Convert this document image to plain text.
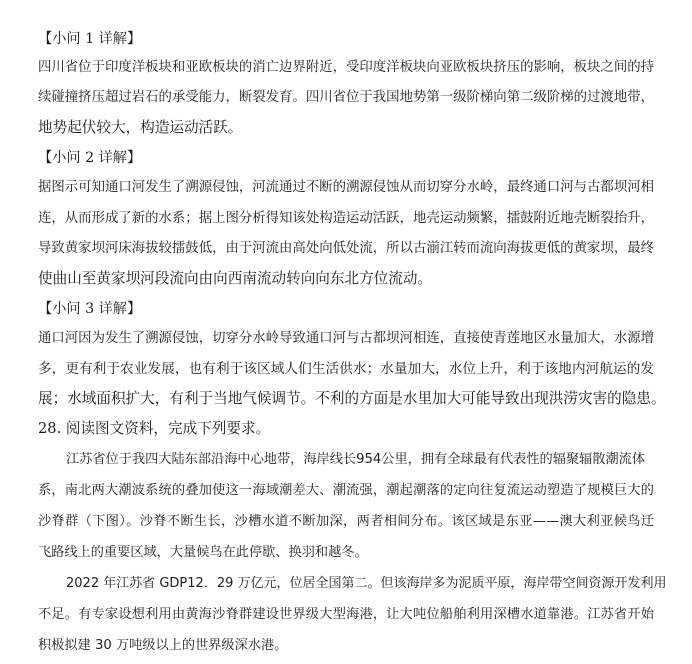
【小问 1 详解】
四川省位于印度洋板块和亚欧板块的消亡边界附近，受印度洋板块向亚欧板块挤压的影响，板块之间的持
续碰撞挤压超过岩石的承受能力，断裂发育。四川省位于我国地势第一级阶梯向第二级阶梯的过渡地带，
地势起伏较大，构造运动活跃。
【小问 2 详解】
据图示可知通口河发生了溯源侵蚀，河流通过不断的溯源侵蚀从而切穿分水岭，最终通口河与古都坝河相
连，从而形成了新的水系；据上图分析得知该处构造运动活跃，地壳运动频繁，擂鼓附近地壳断裂抬升，
导致黄家坝河床海拔较擂鼓低，由于河流由高处向低处流，所以古湔江转而流向海拔更低的黄家坝，最终
使曲山至黄家坝河段流向由向西南流动转向向东北方位流动。
【小问 3 详解】
通口河因为发生了溯源侵蚀，切穿分水岭导致通口河与古都坝河相连，直接使青莲地区水量加大，水源增
多，更有利于农业发展，也有利于该区域人们生活供水；水量加大，水位上升，利于该地内河航运的发
展；水域面积扩大，有利于当地气候调节。不利的方面是水里加大可能导致出现洪涝灾害的隐患。
28. 阅读图文资料，完成下列要求。
江苏省位于我四大陆东部沿海中心地带，海岸线长954公里，拥有全球最有代表性的辐聚辐散潮流体
系，南北两大潮波系统的叠加使这一海域潮差大、潮流强，潮起潮落的定向往复流运动塑造了规模巨大的
沙脊群（下图）。沙脊不断生长，沙槽水道不断加深，两者相间分布。该区域是东亚——澳大利亚候鸟迁
飞路线上的重要区域，大量候鸟在此停歇、换羽和越冬。
2022 年江苏省 GDP12．29 万亿元，位居全国第二。但该海岸多为泥质平原，海岸带空间资源开发利用
不足。有专家设想利用由黄海沙脊群建设世界级大型海港，让大吨位船舶利用深槽水道靠港。江苏省开始
积极拟建 30 万吨级以上的世界级深水港。
